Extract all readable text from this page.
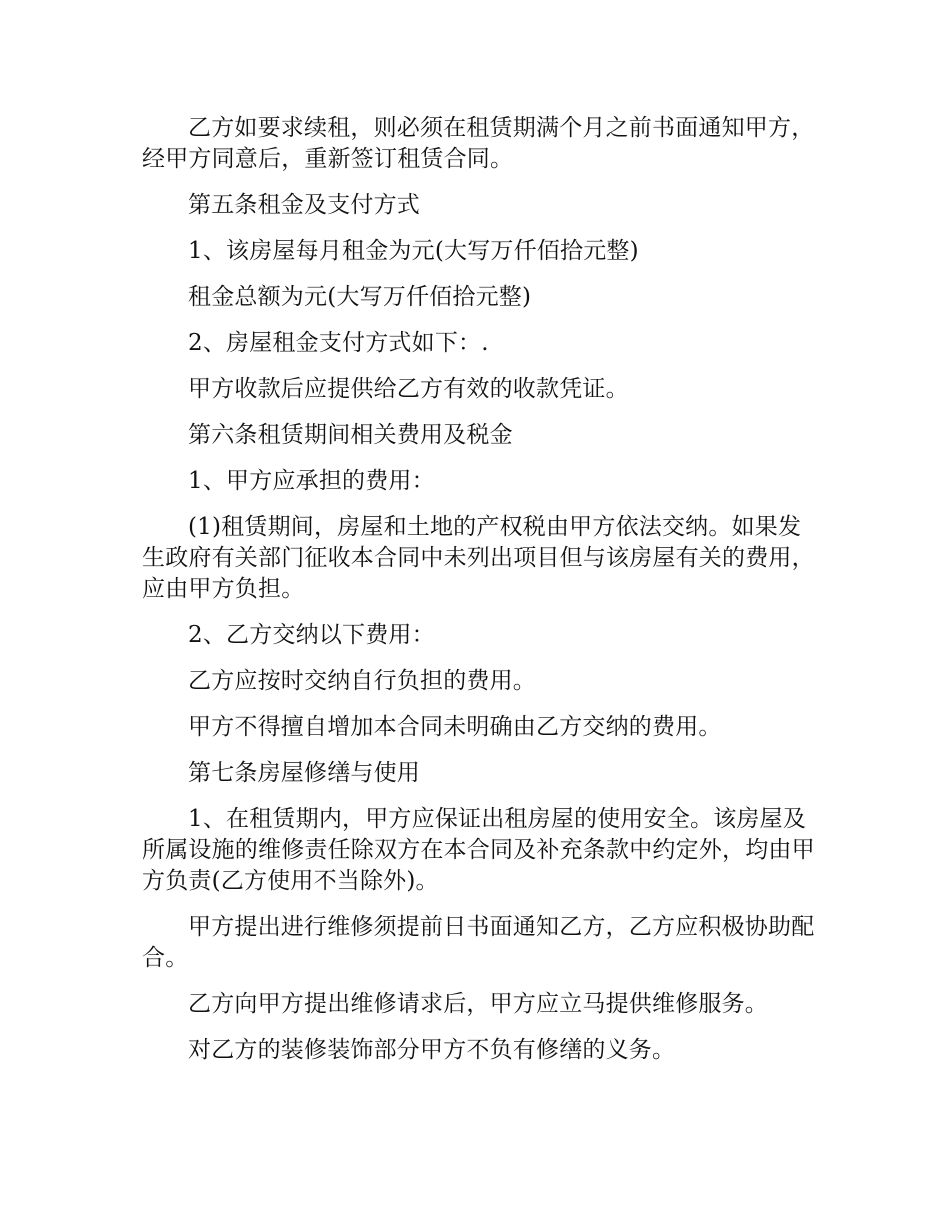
乙方如要求续租，则必须在租赁期满个月之前书面通知甲方，经甲方同意后，重新签订租赁合同。

第五条租金及支付方式

1、该房屋每月租金为元(大写万仟佰拾元整)

租金总额为元(大写万仟佰拾元整)

2、房屋租金支付方式如下：.

甲方收款后应提供给乙方有效的收款凭证。

第六条租赁期间相关费用及税金

1、甲方应承担的费用：

(1)租赁期间，房屋和土地的产权税由甲方依法交纳。如果发生政府有关部门征收本合同中未列出项目但与该房屋有关的费用，应由甲方负担。

2、乙方交纳以下费用：

乙方应按时交纳自行负担的费用。

甲方不得擅自增加本合同未明确由乙方交纳的费用。

第七条房屋修缮与使用

1、在租赁期内，甲方应保证出租房屋的使用安全。该房屋及所属设施的维修责任除双方在本合同及补充条款中约定外，均由甲方负责(乙方使用不当除外)。

甲方提出进行维修须提前日书面通知乙方，乙方应积极协助配合。

乙方向甲方提出维修请求后，甲方应立马提供维修服务。

对乙方的装修装饰部分甲方不负有修缮的义务。
